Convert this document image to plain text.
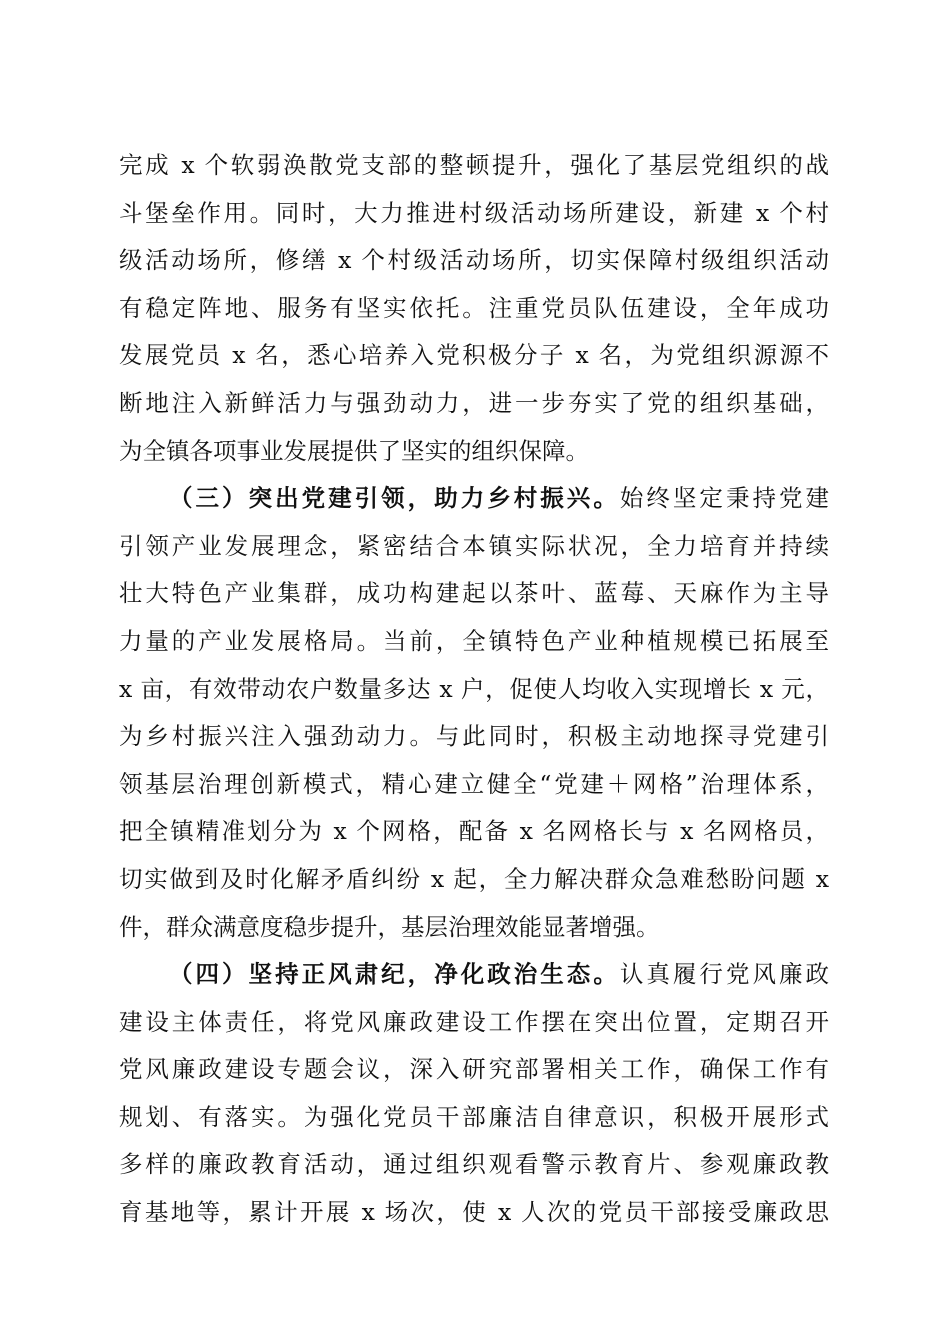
完成 x 个软弱涣散党支部的整顿提升，强化了基层党组织的战
斗堡垒作用。同时，大力推进村级活动场所建设，新建 x 个村
级活动场所，修缮 x 个村级活动场所，切实保障村级组织活动
有稳定阵地、服务有坚实依托。注重党员队伍建设，全年成功
发展党员 x 名，悉心培养入党积极分子 x 名，为党组织源源不
断地注入新鲜活力与强劲动力，进一步夯实了党的组织基础，
为全镇各项事业发展提供了坚实的组织保障。
（三）突出党建引领，助力乡村振兴。始终坚定秉持党建
引领产业发展理念，紧密结合本镇实际状况，全力培育并持续
壮大特色产业集群，成功构建起以茶叶、蓝莓、天麻作为主导
力量的产业发展格局。当前，全镇特色产业种植规模已拓展至
x 亩，有效带动农户数量多达 x 户，促使人均收入实现增长 x 元，
为乡村振兴注入强劲动力。与此同时，积极主动地探寻党建引
领基层治理创新模式，精心建立健全“党建＋网格”治理体系，
把全镇精准划分为 x 个网格，配备 x 名网格长与 x 名网格员，
切实做到及时化解矛盾纠纷 x 起，全力解决群众急难愁盼问题 x
件，群众满意度稳步提升，基层治理效能显著增强。
（四）坚持正风肃纪，净化政治生态。认真履行党风廉政
建设主体责任，将党风廉政建设工作摆在突出位置，定期召开
党风廉政建设专题会议，深入研究部署相关工作，确保工作有
规划、有落实。为强化党员干部廉洁自律意识，积极开展形式
多样的廉政教育活动，通过组织观看警示教育片、参观廉政教
育基地等，累计开展 x 场次，使 x 人次的党员干部接受廉政思
